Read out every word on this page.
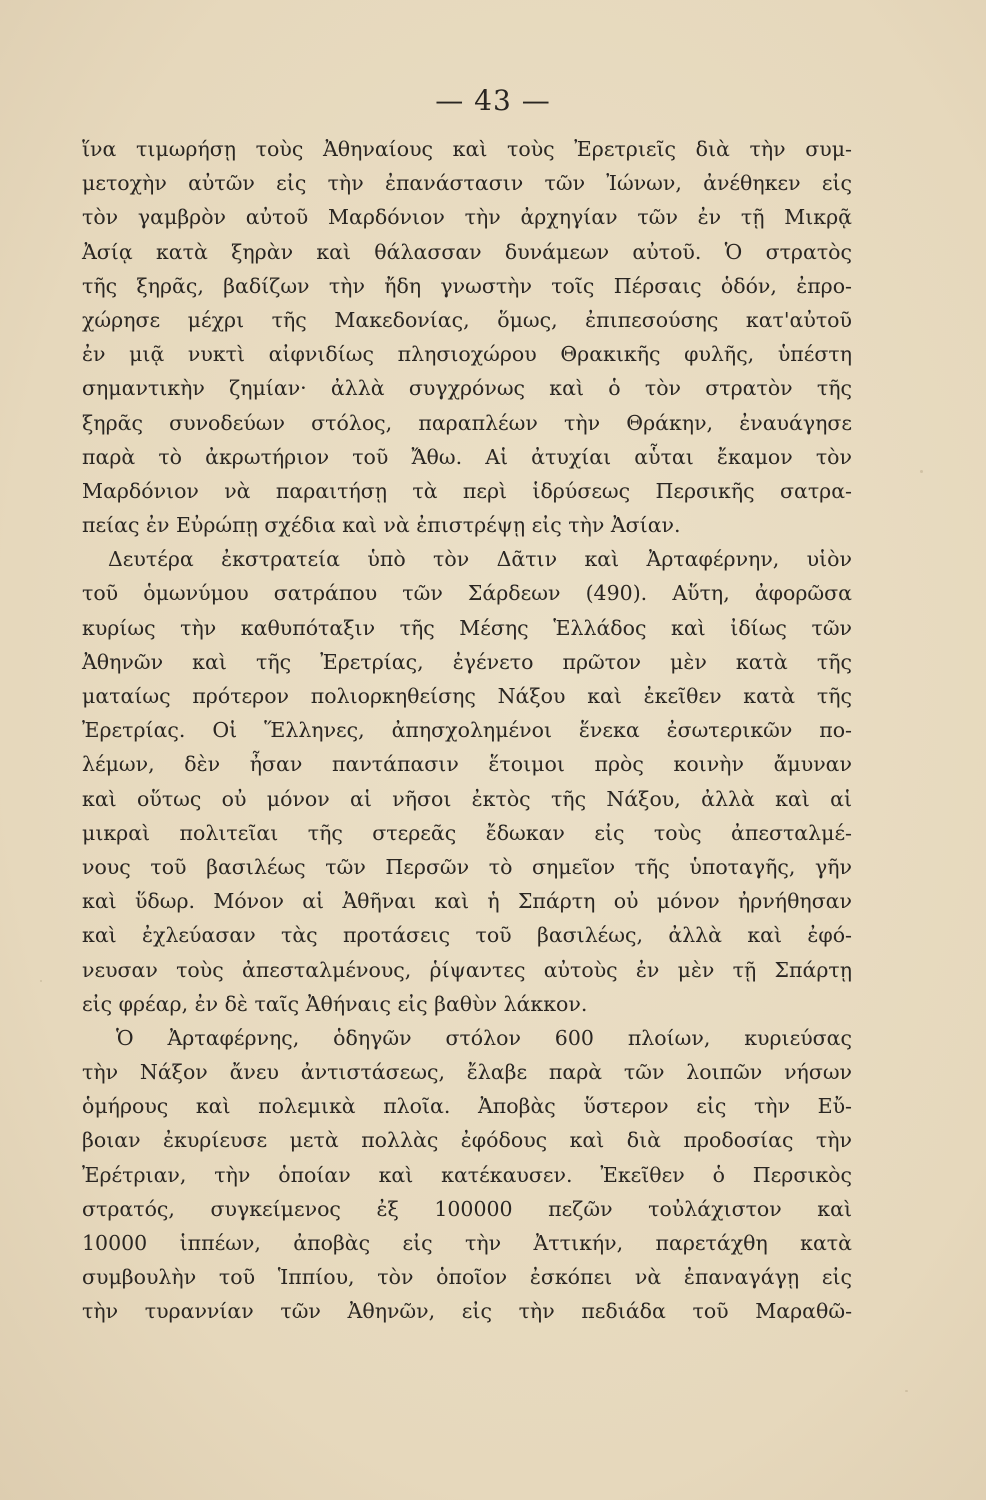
— 43 —
ἵνα τιμωρήσῃ τοὺς Ἀθηναίους καὶ τοὺς Ἐρετριεῖς διὰ τὴν συμ-
μετοχὴν αὐτῶν εἰς τὴν ἐπανάστασιν τῶν Ἰώνων, ἀνέθηκεν εἰς
τὸν γαμβρὸν αὐτοῦ Μαρδόνιον τὴν ἀρχηγίαν τῶν ἐν τῇ Μικρᾷ
Ἀσίᾳ κατὰ ξηρὰν καὶ θάλασσαν δυνάμεων αὐτοῦ. Ὁ στρατὸς
τῆς ξηρᾶς, βαδίζων τὴν ἤδη γνωστὴν τοῖς Πέρσαις ὁδόν, ἐπρο-
χώρησε μέχρι τῆς Μακεδονίας, ὅμως, ἐπιπεσούσης κατ'αὐτοῦ
ἐν μιᾷ νυκτὶ αἰφνιδίως πλησιοχώρου Θρακικῆς φυλῆς, ὑπέστη
σημαντικὴν ζημίαν· ἀλλὰ συγχρόνως καὶ ὁ τὸν στρατὸν τῆς
ξηρᾶς συνοδεύων στόλος, παραπλέων τὴν Θράκην, ἐναυάγησε
παρὰ τὸ ἀκρωτήριον τοῦ Ἄθω. Αἱ ἀτυχίαι αὗται ἔκαμον τὸν
Μαρδόνιον νὰ παραιτήσῃ τὰ περὶ ἱδρύσεως Περσικῆς σατρα-
πείας ἐν Εὐρώπῃ σχέδια καὶ νὰ ἐπιστρέψῃ εἰς τὴν Ἀσίαν.
Δευτέρα ἐκστρατεία ὑπὸ τὸν Δᾶτιν καὶ Ἀρταφέρνην, υἱὸν
τοῦ ὁμωνύμου σατράπου τῶν Σάρδεων (490). Αὕτη, ἀφορῶσα
κυρίως τὴν καθυπόταξιν τῆς Μέσης Ἑλλάδος καὶ ἰδίως τῶν
Ἀθηνῶν καὶ τῆς Ἐρετρίας, ἐγένετο πρῶτον μὲν κατὰ τῆς
ματαίως πρότερον πολιορκηθείσης Νάξου καὶ ἐκεῖθεν κατὰ τῆς
Ἐρετρίας. Οἱ Ἕλληνες, ἀπησχολημένοι ἕνεκα ἐσωτερικῶν πο-
λέμων, δὲν ἦσαν παντάπασιν ἕτοιμοι πρὸς κοινὴν ἄμυναν
καὶ οὕτως οὐ μόνον αἱ νῆσοι ἐκτὸς τῆς Νάξου, ἀλλὰ καὶ αἱ
μικραὶ πολιτεῖαι τῆς στερεᾶς ἔδωκαν εἰς τοὺς ἀπεσταλμέ-
νους τοῦ βασιλέως τῶν Περσῶν τὸ σημεῖον τῆς ὑποταγῆς, γῆν
καὶ ὕδωρ. Μόνον αἱ Ἀθῆναι καὶ ἡ Σπάρτη οὐ μόνον ἠρνήθησαν
καὶ ἐχλεύασαν τὰς προτάσεις τοῦ βασιλέως, ἀλλὰ καὶ ἐφό-
νευσαν τοὺς ἀπεσταλμένους, ῥίψαντες αὐτοὺς ἐν μὲν τῇ Σπάρτῃ
εἰς φρέαρ, ἐν δὲ ταῖς Ἀθήναις εἰς βαθὺν λάκκον.
Ὁ Ἀρταφέρνης, ὁδηγῶν στόλον 600 πλοίων, κυριεύσας
τὴν Νάξον ἄνευ ἀντιστάσεως, ἔλαβε παρὰ τῶν λοιπῶν νήσων
ὁμήρους καὶ πολεμικὰ πλοῖα. Ἀποβὰς ὕστερον εἰς τὴν Εὔ-
βοιαν ἐκυρίευσε μετὰ πολλὰς ἐφόδους καὶ διὰ προδοσίας τὴν
Ἐρέτριαν, τὴν ὁποίαν καὶ κατέκαυσεν. Ἐκεῖθεν ὁ Περσικὸς
στρατός, συγκείμενος ἐξ 100000 πεζῶν τοὐλάχιστον καὶ
10000 ἱππέων, ἀποβὰς εἰς τὴν Ἀττικήν, παρετάχθη κατὰ
συμβουλὴν τοῦ Ἱππίου, τὸν ὁποῖον ἐσκόπει νὰ ἐπαναγάγῃ εἰς
τὴν τυραννίαν τῶν Ἀθηνῶν, εἰς τὴν πεδιάδα τοῦ Μαραθῶ-
